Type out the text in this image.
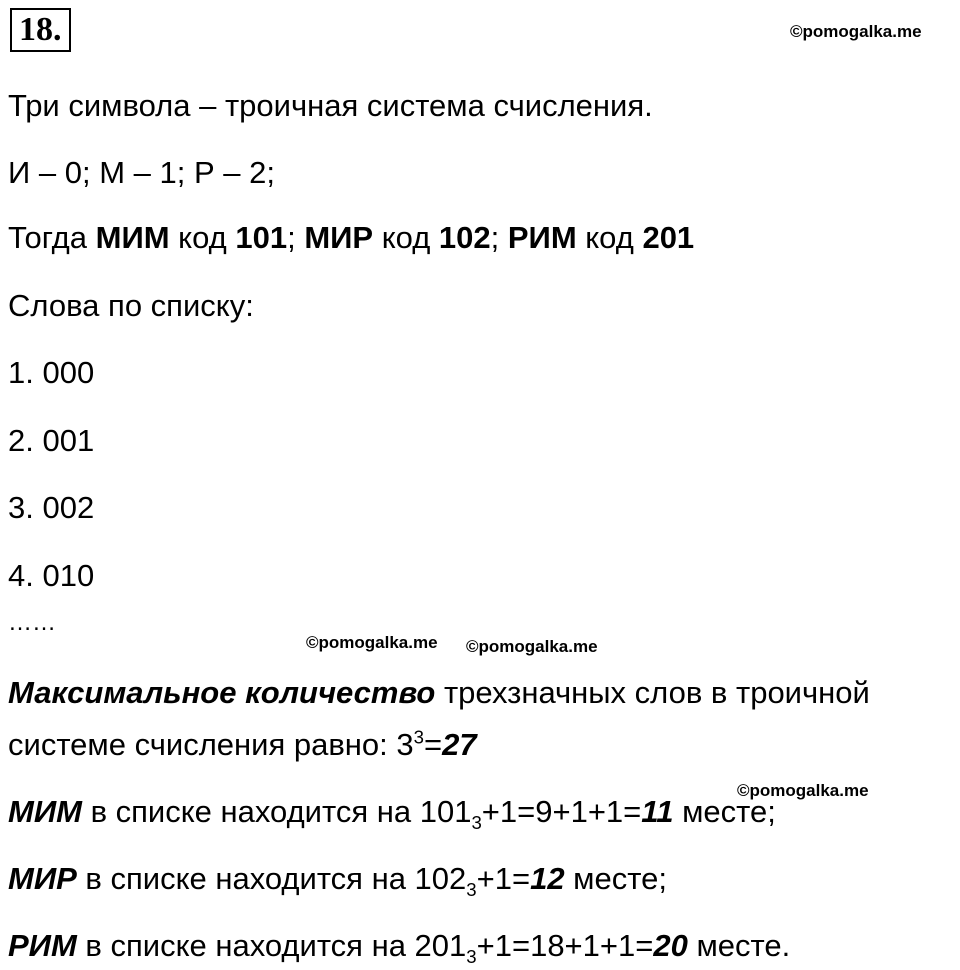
18.	©pomogalka.me
Три символа – троичная система счисления.
И – 0; М – 1; Р – 2;
Тогда МИМ код 101; МИР код 102; РИМ код 201
Слова по списку:
1. 000
2. 001
3. 002
4. 010
……
©pomogalka.me ©pomogalka.me
Максимальное количество трехзначных слов в троичной
системе счисления равно: $3^3=27$
©pomogalka.me
МИМ в списке находится на $101_3+1=9+1+1=11$ месте;
МИР в списке находится на $102_3+1=12$ месте;
РИМ в списке находится на $201_3+1=18+1+1=20$ месте.
